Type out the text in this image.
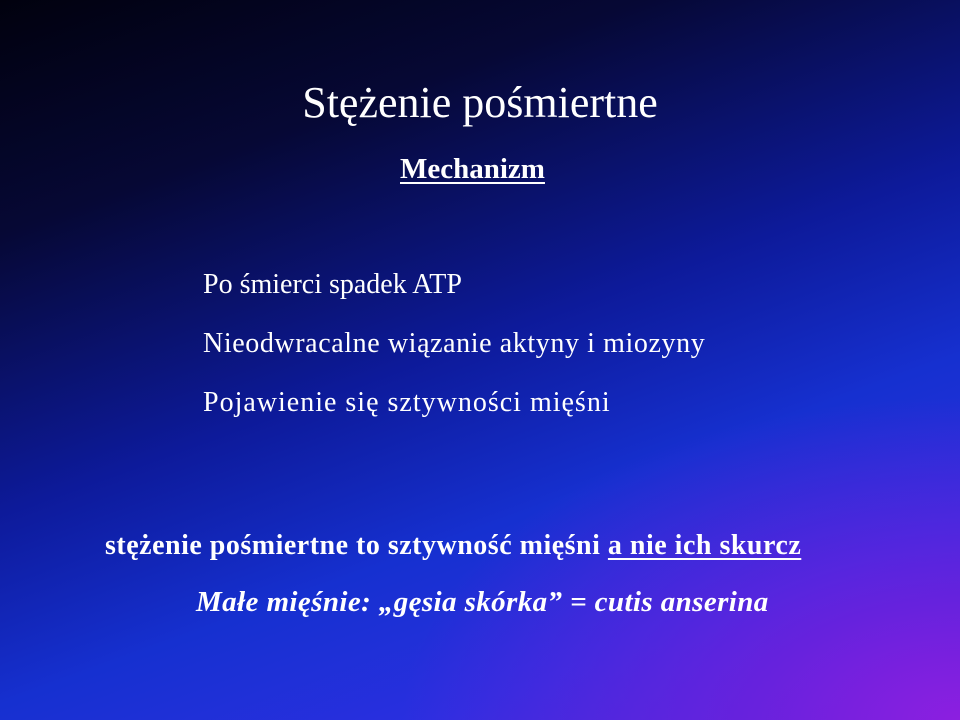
Stężenie pośmiertne
Mechanizm
Po śmierci spadek ATP
Nieodwracalne wiązanie aktyny i miozyny
Pojawienie się sztywności mięśni
stężenie pośmiertne to sztywność mięśni a nie ich skurcz
Małe mięśnie: „gęsia skórka” = cutis anserina
